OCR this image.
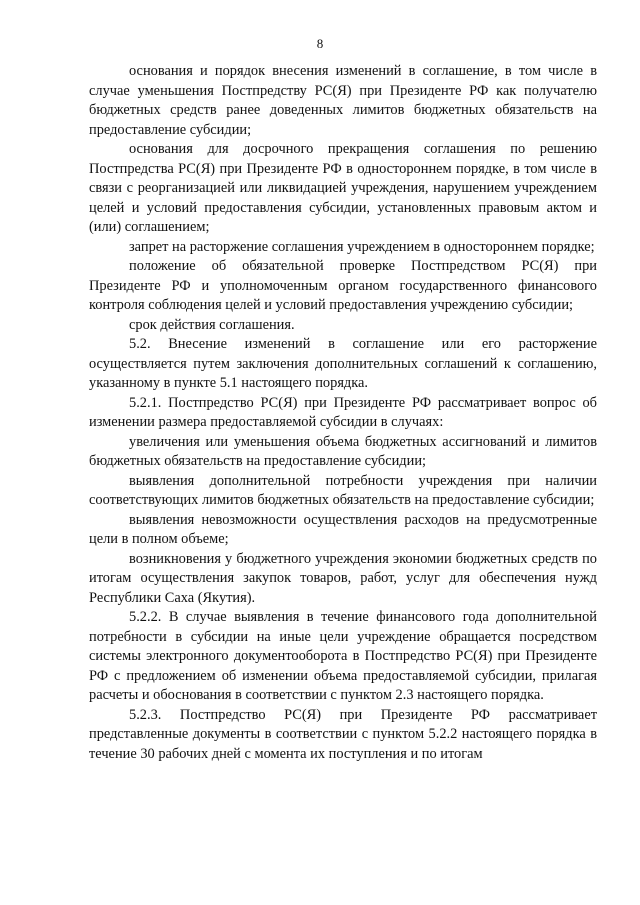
8

основания и порядок внесения изменений в соглашение, в том числе в случае уменьшения Постпредству РС(Я) при Президенте РФ как получателю бюджетных средств ранее доведенных лимитов бюджетных обязательств на предоставление субсидии;

основания для досрочного прекращения соглашения по решению Постпредства РС(Я) при Президенте РФ в одностороннем порядке, в том числе в связи с реорганизацией или ликвидацией учреждения, нарушением учреждением целей и условий предоставления субсидии, установленных правовым актом и (или) соглашением;

запрет на расторжение соглашения учреждением в одностороннем порядке;

положение об обязательной проверке Постпредством РС(Я) при Президенте РФ и уполномоченным органом государственного финансового контроля соблюдения целей и условий предоставления учреждению субсидии;

срок действия соглашения.

5.2. Внесение изменений в соглашение или его расторжение осуществляется путем заключения дополнительных соглашений к соглашению, указанному в пункте 5.1 настоящего порядка.

5.2.1. Постпредство РС(Я) при Президенте РФ рассматривает вопрос об изменении размера предоставляемой субсидии в случаях:

увеличения или уменьшения объема бюджетных ассигнований и лимитов бюджетных обязательств на предоставление субсидии;

выявления дополнительной потребности учреждения при наличии соответствующих лимитов бюджетных обязательств на предоставление субсидии;

выявления невозможности осуществления расходов на предусмотренные цели в полном объеме;

возникновения у бюджетного учреждения экономии бюджетных средств по итогам осуществления закупок товаров, работ, услуг для обеспечения нужд Республики Саха (Якутия).

5.2.2. В случае выявления в течение финансового года дополнительной потребности в субсидии на иные цели учреждение обращается посредством системы электронного документооборота в Постпредство РС(Я) при Президенте РФ с предложением об изменении объема предоставляемой субсидии, прилагая расчеты и обоснования в соответствии с пунктом 2.3 настоящего порядка.

5.2.3. Постпредство РС(Я) при Президенте РФ рассматривает представленные документы в соответствии с пунктом 5.2.2 настоящего порядка в течение 30 рабочих дней с момента их поступления и по итогам
